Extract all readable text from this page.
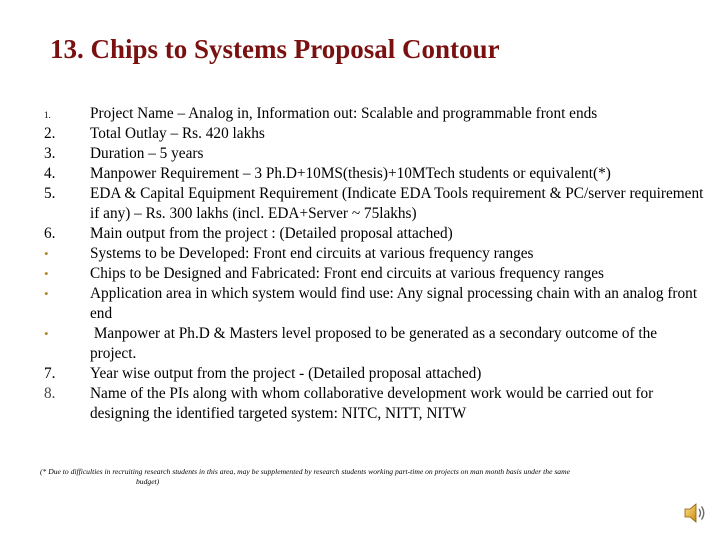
13. Chips to Systems Proposal Contour
1.	Project Name – Analog in, Information out: Scalable and programmable front ends
2.	Total Outlay – Rs. 420 lakhs
3.	Duration – 5 years
4.	Manpower Requirement – 3 Ph.D+10MS(thesis)+10MTech students or equivalent(*)
5.	EDA & Capital Equipment Requirement (Indicate EDA Tools requirement & PC/server requirement if any) – Rs. 300 lakhs (incl. EDA+Server ~ 75lakhs)
6.	Main output from the project : (Detailed proposal attached)
•	Systems to be Developed: Front end circuits at various frequency ranges
•	Chips to be Designed and Fabricated: Front end circuits at various frequency ranges
•	Application area in which system would find use: Any signal processing chain with an analog front end
•	Manpower at Ph.D & Masters level proposed to be generated as a secondary outcome of the project.
7.	Year wise output from the project - (Detailed proposal attached)
8.	Name of the PIs along with whom collaborative development work would be carried out for designing the identified targeted system: NITC, NITT, NITW
(* Due to difficulties in recruiting research students in this area, may be supplemented by research students working part-time on projects on man month basis under the same
budget)
